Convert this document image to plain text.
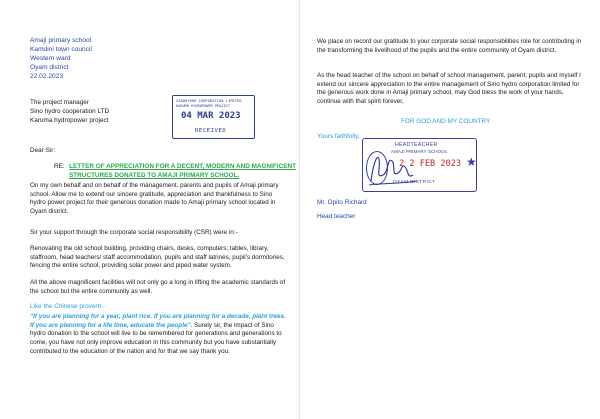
Amaji primary school
Kamdini town council
Western ward
Oyam district
22.02.2023
The project manager
Sino hydro cooperation LTD
Karuma hydropower project
SINOHYDRO CORPORATION LIMITED
KARUMA HYDROPOWER PROJECT
04 MAR 2023
RECEIVED
Dear Sir:
RE: LETTER OF APPRECIATION FOR A DECENT, MODERN AND MAGNIFICENT
STRUCTURES DONATED TO AMAJI PRIMARY SCHOOL.
On my own behalf and on behalf of the management, parents and pupils of Amaji primary school. Allow me to extend our sincere gratitude, appreciation and thankfulness to Sino hydro power project for their generous donation made to Amaji primary school located in Oyam district.
Sir your support through the corporate social responsibility (CSR) were in:-
Renovating the old school building, providing chairs, desks, computers, tables, library, staffroom, head teachers/ staff accommodation, pupils and staff latrines, pupil’s dormitories, fencing the entire school, providing solar power and piped water system.
All the above magnificent facilities will not only go a long in lifting the academic standards of the school but the entire community as well.
Like the Chinese proverb:-
“If you are planning for a year, plant rice. If you are planning for a decade, plant trees. If you are planning for a life time, educate the people”. Surely sir, the impact of Sino hydro donation to the school will live to be remembered for generations and generations to come, you have not only improve education in this community but you have substantially contributed to the education of the nation and for that we say thank you.
We place on record our gratitude to your corporate social responsibilities role for contributing in the transforming the livelihood of the pupils and the entire community of Oyam district.
As the head teacher of the school on behalf of school management, parent, pupils and myself I extend our sincere appreciation to the entire management of Sino hydro corporation limited for the generous work done in Amaji primary school, may God bless the work of your hands, continue with that spirit forever,
FOR GOD AND MY COUNTRY
Yours faithfully,
Mr. Opito Richard
Head teacher
HEADTEACHER
AMAJI PRIMARY SCHOOL
2 2 FEB 2023
OYAM DISTRICT
★
